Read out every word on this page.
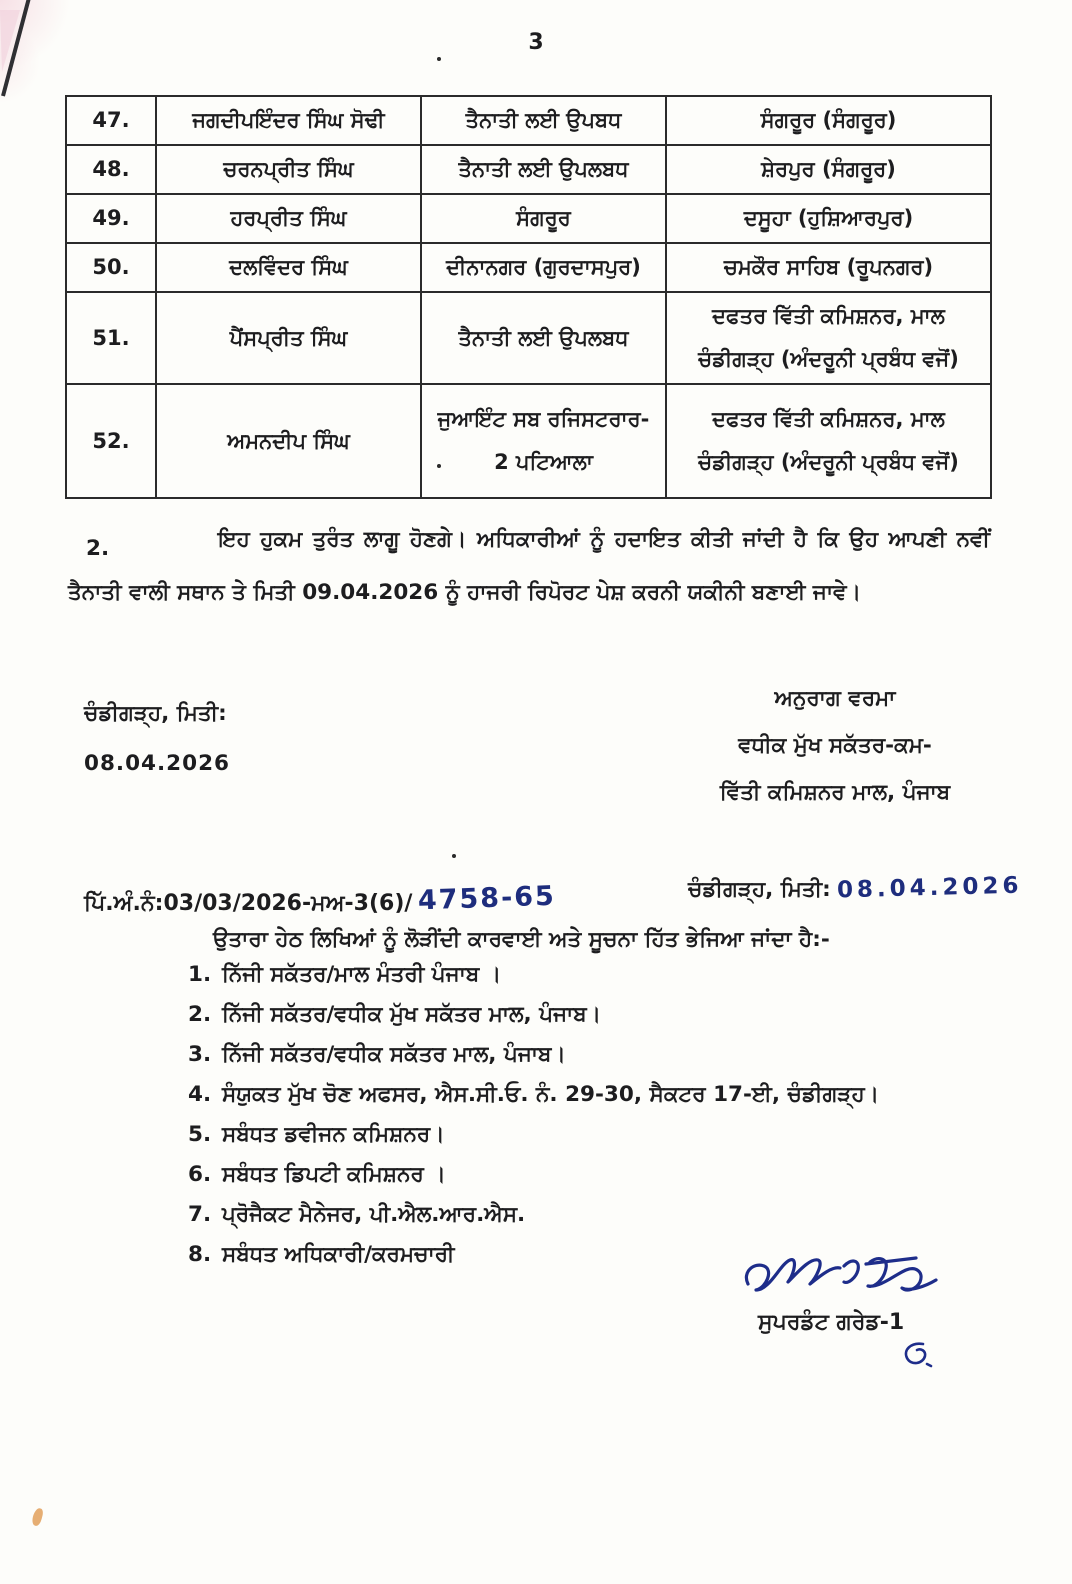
3
47.	ਜਗਦੀਪਇੰਦਰ ਸਿੰਘ ਸੋਢੀ	ਤੈਨਾਤੀ ਲਈ ਉਪਬਧ	ਸੰਗਰੂਰ (ਸੰਗਰੂਰ)
48.	ਚਰਨਪ੍ਰੀਤ ਸਿੰਘ	ਤੈਨਾਤੀ ਲਈ ਉਪਲਬਧ	ਸ਼ੇਰਪੁਰ (ਸੰਗਰੂਰ)
49.	ਹਰਪ੍ਰੀਤ ਸਿੰਘ	ਸੰਗਰੂਰ	ਦਸੂਹਾ (ਹੁਸ਼ਿਆਰਪੁਰ)
50.	ਦਲਵਿੰਦਰ ਸਿੰਘ	ਦੀਨਾਨਗਰ (ਗੁਰਦਾਸਪੁਰ)	ਚਮਕੌਰ ਸਾਹਿਬ (ਰੂਪਨਗਰ)
51.	ਪੈਂਸਪ੍ਰੀਤ ਸਿੰਘ	ਤੈਨਾਤੀ ਲਈ ਉਪਲਬਧ	ਦਫਤਰ ਵਿੱਤੀ ਕਮਿਸ਼ਨਰ, ਮਾਲ ਚੰਡੀਗੜ੍ਹ (ਅੰਦਰੂਨੀ ਪ੍ਰਬੰਧ ਵਜੋਂ)
52.	ਅਮਨਦੀਪ ਸਿੰਘ	ਜੁਆਇੰਟ ਸਬ ਰਜਿਸਟਰਾਰ- 2 ਪਟਿਆਲਾ	ਦਫਤਰ ਵਿੱਤੀ ਕਮਿਸ਼ਨਰ, ਮਾਲ ਚੰਡੀਗੜ੍ਹ (ਅੰਦਰੂਨੀ ਪ੍ਰਬੰਧ ਵਜੋਂ)
2.	ਇਹ ਹੁਕਮ ਤੁਰੰਤ ਲਾਗੂ ਹੋਣਗੇ। ਅਧਿਕਾਰੀਆਂ ਨੂੰ ਹਦਾਇਤ ਕੀਤੀ ਜਾਂਦੀ ਹੈ ਕਿ ਉਹ ਆਪਣੀ ਨਵੀਂ ਤੈਨਾਤੀ ਵਾਲੀ ਸਥਾਨ ਤੇ ਮਿਤੀ 09.04.2026 ਨੂੰ ਹਾਜਰੀ ਰਿਪੋਰਟ ਪੇਸ਼ ਕਰਨੀ ਯਕੀਨੀ ਬਣਾਈ ਜਾਵੇ।
ਚੰਡੀਗੜ੍ਹ, ਮਿਤੀ:
08.04.2026
ਅਨੁਰਾਗ ਵਰਮਾ
ਵਧੀਕ ਮੁੱਖ ਸਕੱਤਰ-ਕਮ-
ਵਿੱਤੀ ਕਮਿਸ਼ਨਰ ਮਾਲ, ਪੰਜਾਬ
ਪਿੱ.ਅੰ.ਨੰ:03/03/2026-ਮਅ-3(6)/ 4758-65	ਚੰਡੀਗੜ੍ਹ, ਮਿਤੀ: 08.04.2026
ਉਤਾਰਾ ਹੇਠ ਲਿਖਿਆਂ ਨੂੰ ਲੋੜੀਂਦੀ ਕਾਰਵਾਈ ਅਤੇ ਸੂਚਨਾ ਹਿੱਤ ਭੇਜਿਆ ਜਾਂਦਾ ਹੈ:-
1. ਨਿੱਜੀ ਸਕੱਤਰ/ਮਾਲ ਮੰਤਰੀ ਪੰਜਾਬ ।
2. ਨਿੱਜੀ ਸਕੱਤਰ/ਵਧੀਕ ਮੁੱਖ ਸਕੱਤਰ ਮਾਲ, ਪੰਜਾਬ।
3. ਨਿੱਜੀ ਸਕੱਤਰ/ਵਧੀਕ ਸਕੱਤਰ ਮਾਲ, ਪੰਜਾਬ।
4. ਸੰਯੁਕਤ ਮੁੱਖ ਚੋਣ ਅਫਸਰ, ਐਸ.ਸੀ.ਓ. ਨੰ. 29-30, ਸੈਕਟਰ 17-ਈ, ਚੰਡੀਗੜ੍ਹ।
5. ਸਬੰਧਤ ਡਵੀਜਨ ਕਮਿਸ਼ਨਰ।
6. ਸਬੰਧਤ ਡਿਪਟੀ ਕਮਿਸ਼ਨਰ ।
7. ਪ੍ਰੋਜੈਕਟ ਮੈਨੇਜਰ, ਪੀ.ਐਲ.ਆਰ.ਐਸ.
8. ਸਬੰਧਤ ਅਧਿਕਾਰੀ/ਕਰਮਚਾਰੀ
ਸੁਪਰਡੰਟ ਗਰੇਡ-1
